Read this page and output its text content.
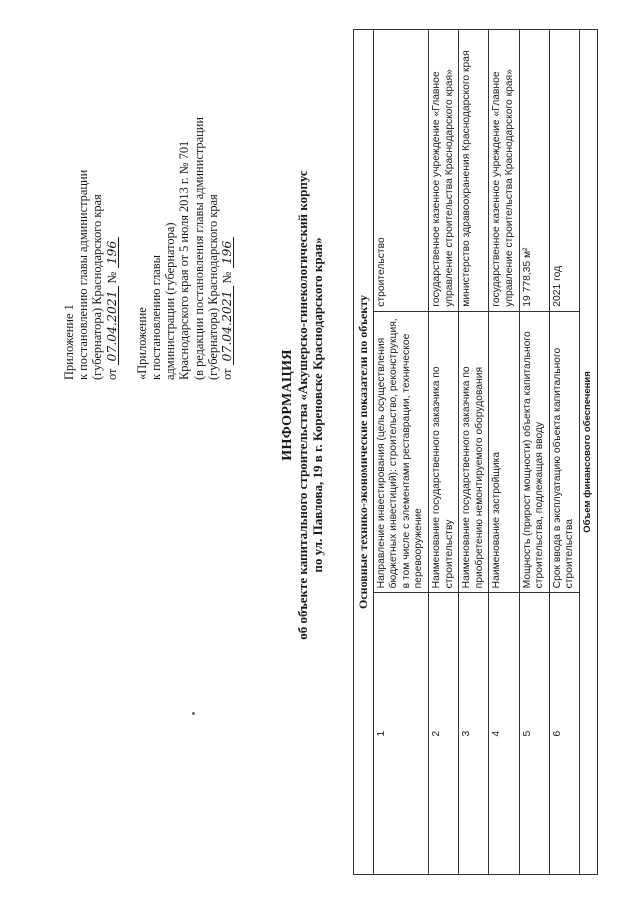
Приложение 1 к постановлению главы администрации (губернатора) Краснодарского края от 07.04.2021 № 196

«Приложение к постановлению главы администрации (губернатора) Краснодарского края от 5 июля 2013 г. № 701 (в редакции постановления главы администрации (губернатора) Краснодарского края от 07.04.2021 № 196

ИНФОРМАЦИЯ об объекте капитального строительства «Акушерско-гинекологический корпус по ул. Павлова, 19 в г. Кореновске Краснодарского края»	Основные технико-экономические показатели по объекту		
1	Направление инвестирования (цель осуществления бюджетных инвестиций): строительство, реконструкция, в том числе с элементами реставрации, техническое перевооружение	строительство
2	Наименование государственного заказчика по строительству	государственное казенное учреждение «Главное управление строительства Краснодарского края»
3	Наименование государственного заказчика по приобретению немонтируемого оборудования	министерство здравоохранения Краснодарского края
4	Наименование застройщика	государственное казенное учреждение «Главное управление строительства Краснодарского края»
5	Мощность (прирост мощности) объекта капитального строительства, подлежащая вводу	19 778,35 м²
6	Срок ввода в эксплуатацию объекта капитального строительства	2021 год
Объем финансового обеспечения		
